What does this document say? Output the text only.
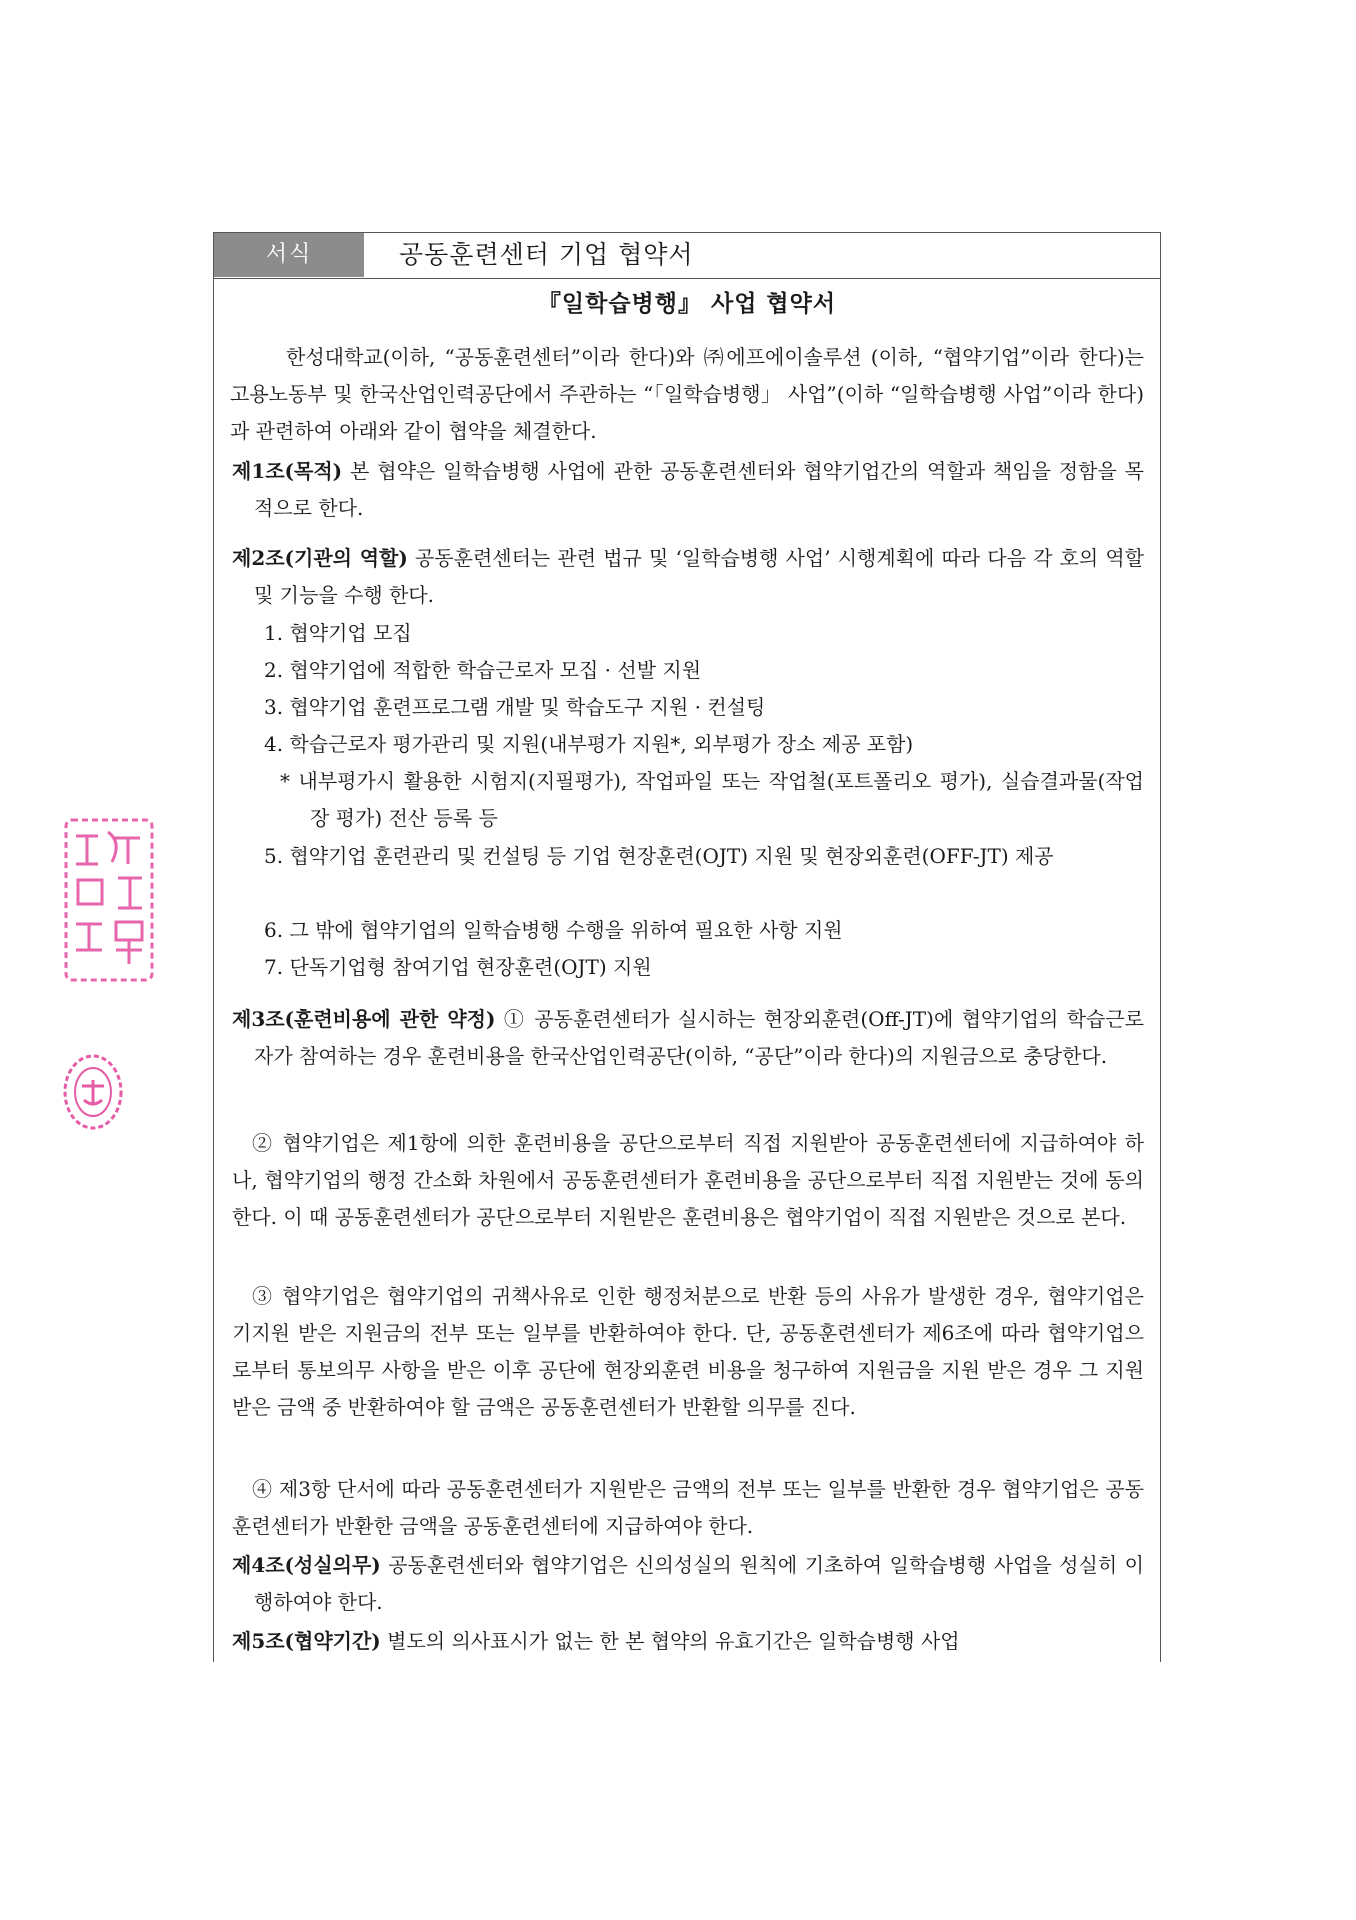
서식	공동훈련센터 기업 협약서
『일학습병행』 사업 협약서
한성대학교(이하, “공동훈련센터”이라 한다)와 ㈜에프에이솔루션 (이하, “협약기업”이라 한다)는 고용노동부 및 한국산업인력공단에서 주관하는 “「일학습병행」 사업”(이하 “일학습병행 사업”이라 한다)과 관련하여 아래와 같이 협약을 체결한다.
제1조(목적) 본 협약은 일학습병행 사업에 관한 공동훈련센터와 협약기업간의 역할과 책임을 정함을 목적으로 한다.
제2조(기관의 역할) 공동훈련센터는 관련 법규 및 ‘일학습병행 사업’ 시행계획에 따라 다음 각 호의 역할 및 기능을 수행 한다.
1. 협약기업 모집
2. 협약기업에 적합한 학습근로자 모집 · 선발 지원
3. 협약기업 훈련프로그램 개발 및 학습도구 지원 · 컨설팅
4. 학습근로자 평가관리 및 지원(내부평가 지원*, 외부평가 장소 제공 포함)
* 내부평가시 활용한 시험지(지필평가), 작업파일 또는 작업철(포트폴리오 평가), 실습결과물(작업장 평가) 전산 등록 등
5. 협약기업 훈련관리 및 컨설팅 등 기업 현장훈련(OJT) 지원 및 현장외훈련(OFF-JT) 제공
6. 그 밖에 협약기업의 일학습병행 수행을 위하여 필요한 사항 지원
7. 단독기업형 참여기업 현장훈련(OJT) 지원
제3조(훈련비용에 관한 약정) ① 공동훈련센터가 실시하는 현장외훈련(Off-JT)에 협약기업의 학습근로자가 참여하는 경우 훈련비용을 한국산업인력공단(이하, “공단”이라 한다)의 지원금으로 충당한다.
② 협약기업은 제1항에 의한 훈련비용을 공단으로부터 직접 지원받아 공동훈련센터에 지급하여야 하나, 협약기업의 행정 간소화 차원에서 공동훈련센터가 훈련비용을 공단으로부터 직접 지원받는 것에 동의한다. 이 때 공동훈련센터가 공단으로부터 지원받은 훈련비용은 협약기업이 직접 지원받은 것으로 본다.
③ 협약기업은 협약기업의 귀책사유로 인한 행정처분으로 반환 등의 사유가 발생한 경우, 협약기업은 기지원 받은 지원금의 전부 또는 일부를 반환하여야 한다. 단, 공동훈련센터가 제6조에 따라 협약기업으로부터 통보의무 사항을 받은 이후 공단에 현장외훈련 비용을 청구하여 지원금을 지원 받은 경우 그 지원 받은 금액 중 반환하여야 할 금액은 공동훈련센터가 반환할 의무를 진다.
④ 제3항 단서에 따라 공동훈련센터가 지원받은 금액의 전부 또는 일부를 반환한 경우 협약기업은 공동훈련센터가 반환한 금액을 공동훈련센터에 지급하여야 한다.
제4조(성실의무) 공동훈련센터와 협약기업은 신의성실의 원칙에 기초하여 일학습병행 사업을 성실히 이행하여야 한다.
제5조(협약기간) 별도의 의사표시가 없는 한 본 협약의 유효기간은 일학습병행 사업
